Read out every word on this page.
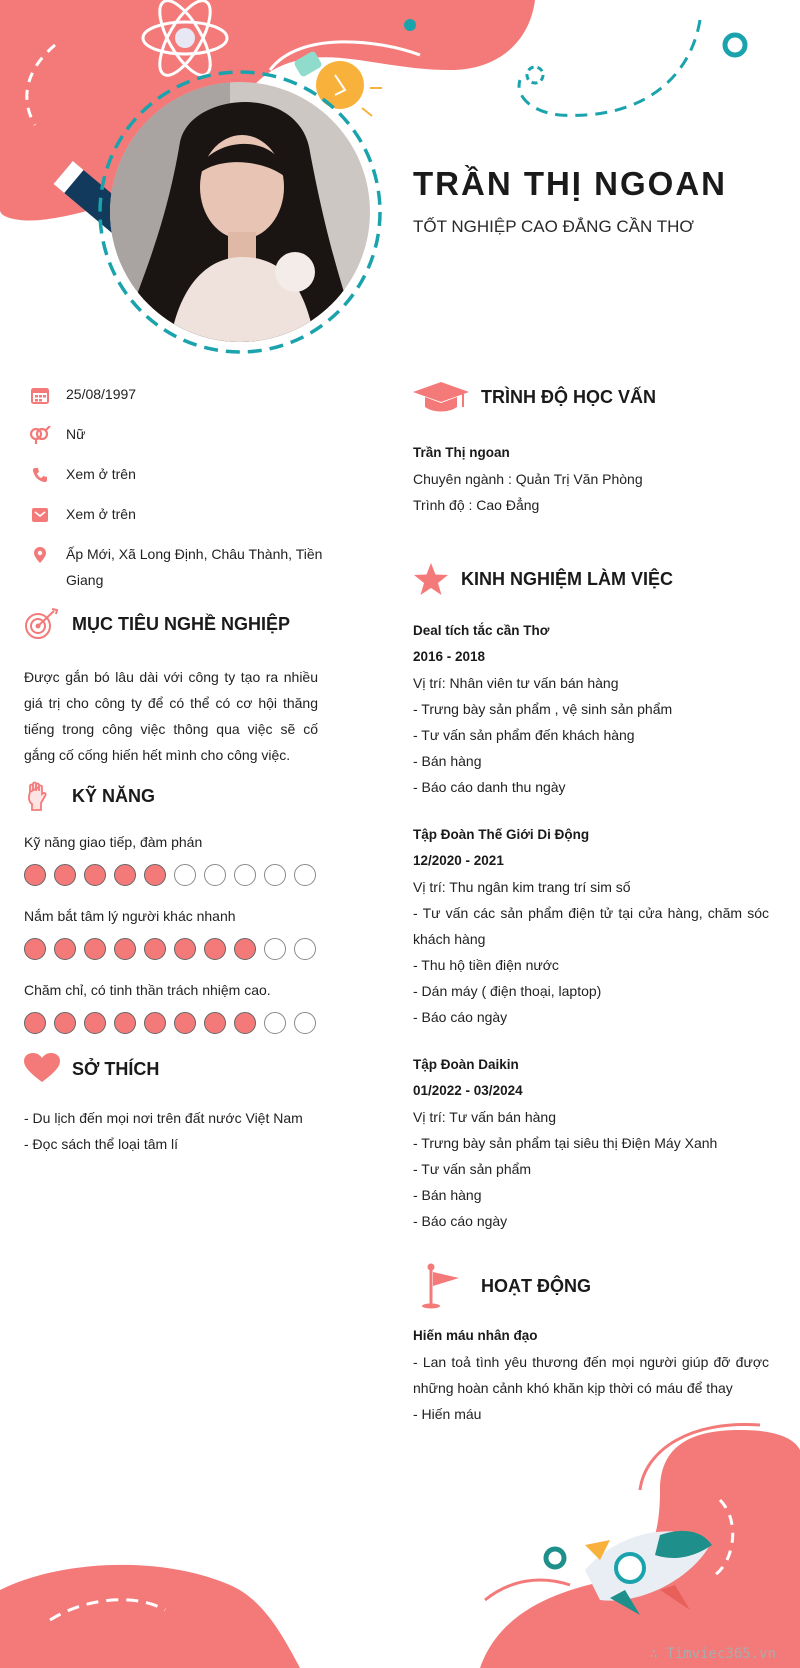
TRẦN THỊ NGOAN
TỐT NGHIỆP CAO ĐẲNG CẦN THƠ
25/08/1997
Nữ
Xem ở trên
Xem ở trên
Ấp Mới, Xã Long Định, Châu Thành, Tiền Giang
MỤC TIÊU NGHỀ NGHIỆP
Được gắn bó lâu dài với công ty tạo ra nhiều giá trị cho công ty để có thể có cơ hội thăng tiếng trong công việc thông qua việc sẽ cố gắng cố cống hiến hết mình cho công việc.
KỸ NĂNG
Kỹ năng giao tiếp, đàm phán
Nắm bắt tâm lý người khác nhanh
Chăm chỉ, có tinh thần trách nhiệm cao.
SỞ THÍCH
- Du lịch đến mọi nơi trên đất nước Việt Nam
- Đọc sách thể loại tâm lí
TRÌNH ĐỘ HỌC VẤN
Trần Thị ngoan
Chuyên ngành : Quản Trị Văn Phòng
Trình độ : Cao Đẳng
KINH NGHIỆM LÀM VIỆC
Deal tích tắc cần Thơ
2016 - 2018
Vị trí: Nhân viên tư vấn bán hàng
- Trưng bày sản phẩm , vệ sinh sản phẩm
- Tư vấn sản phẩm đến khách hàng
- Bán hàng
- Báo cáo danh thu ngày
Tập Đoàn Thế Giới Di Động
12/2020 - 2021
Vị trí: Thu ngân kim trang trí sim số
- Tư vấn các sản phẩm điện tử tại cửa hàng, chăm sóc khách hàng
- Thu hộ tiền điện nước
- Dán máy ( điện thoại, laptop)
- Báo cáo ngày
Tập Đoàn Daikin
01/2022 - 03/2024
Vị trí: Tư vấn bán hàng
- Trưng bày sản phẩm tại siêu thị Điện Máy Xanh
- Tư vấn sản phẩm
- Bán hàng
- Báo cáo ngày
HOẠT ĐỘNG
Hiến máu nhân đạo
- Lan toả tình yêu thương đến mọi người giúp đỡ được những hoàn cảnh khó khăn kịp thời có máu để thay
- Hiến máu
∴ Timviec365.vn
